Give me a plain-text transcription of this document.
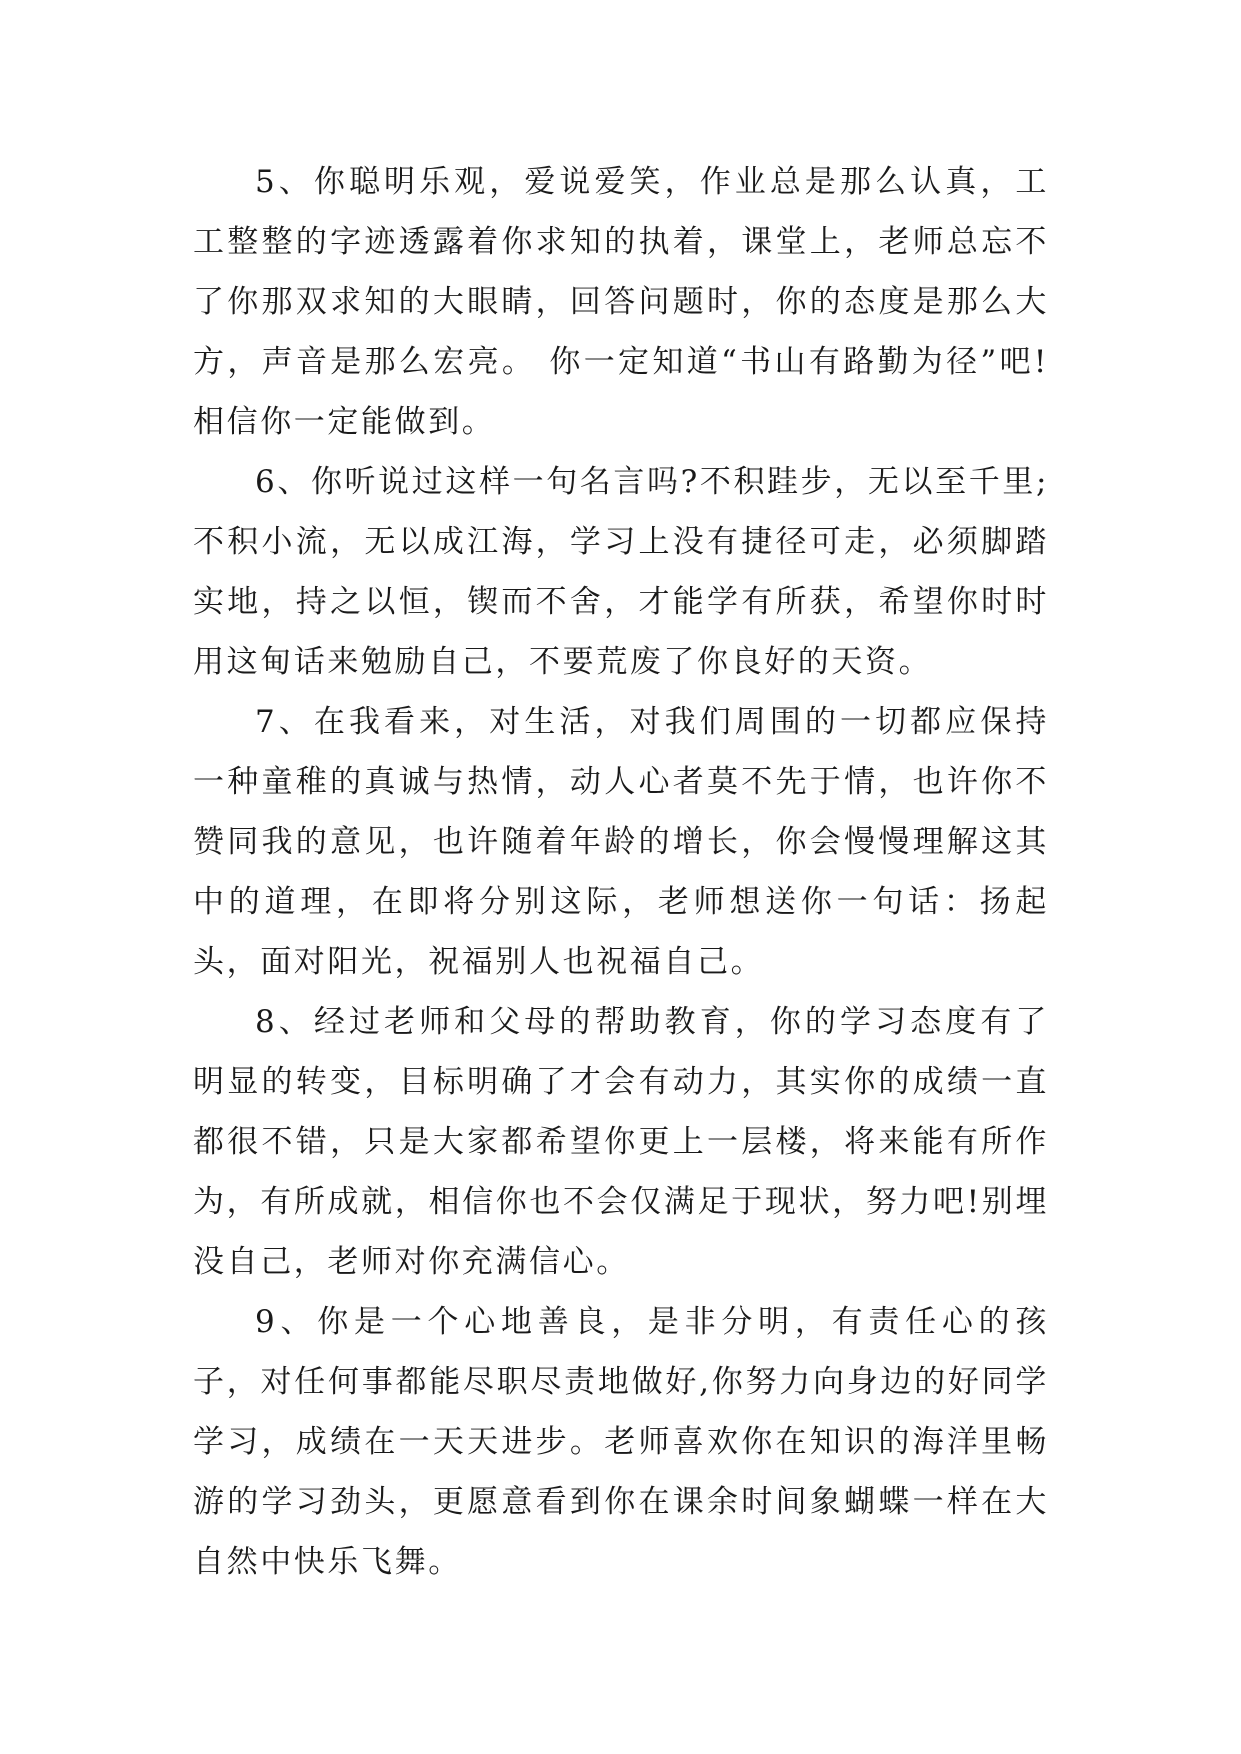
5、你聪明乐观，爱说爱笑，作业总是那么认真，工工整整的字迹透露着你求知的执着，课堂上，老师总忘不了你那双求知的大眼睛，回答问题时，你的态度是那么大方，声音是那么宏亮。 你一定知道“书山有路勤为径”吧!相信你一定能做到。

6、你听说过这样一句名言吗?不积跬步，无以至千里;不积小流，无以成江海，学习上没有捷径可走，必须脚踏实地，持之以恒，锲而不舍，才能学有所获，希望你时时用这甸话来勉励自己，不要荒废了你良好的天资。

7、在我看来，对生活，对我们周围的一切都应保持一种童稚的真诚与热情，动人心者莫不先于情，也许你不赞同我的意见，也许随着年龄的增长，你会慢慢理解这其中的道理，在即将分别这际，老师想送你一句话：扬起头，面对阳光，祝福别人也祝福自己。

8、经过老师和父母的帮助教育，你的学习态度有了明显的转变，目标明确了才会有动力，其实你的成绩一直都很不错，只是大家都希望你更上一层楼，将来能有所作为，有所成就，相信你也不会仅满足于现状，努力吧!别埋没自己，老师对你充满信心。

9、你是一个心地善良，是非分明，有责任心的孩子，对任何事都能尽职尽责地做好,你努力向身边的好同学学习，成绩在一天天进步。老师喜欢你在知识的海洋里畅游的学习劲头，更愿意看到你在课余时间象蝴蝶一样在大自然中快乐飞舞。
